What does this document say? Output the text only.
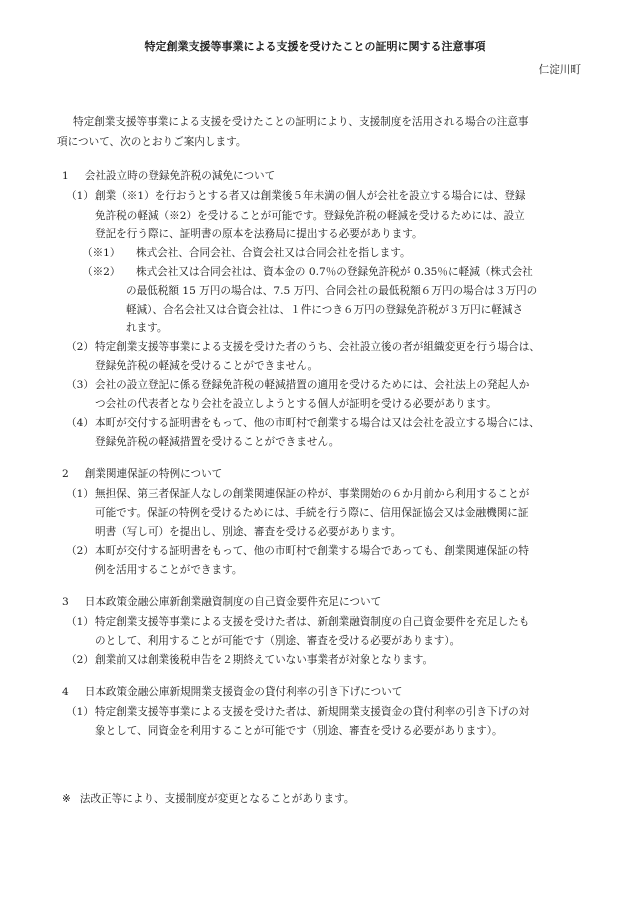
特定創業支援等事業による支援を受けたことの証明に関する注意事項
仁淀川町
特定創業支援等事業による支援を受けたことの証明により、支援制度を活用される場合の注意事
項について、次のとおりご案内します。
1 会社設立時の登録免許税の減免について
（1） 創業（※1）を行おうとする者又は創業後５年未満の個人が会社を設立する場合には、登録
免許税の軽減（※2）を受けることが可能です。登録免許税の軽減を受けるためには、設立
登記を行う際に、証明書の原本を法務局に提出する必要があります。
（※1） 株式会社、合同会社、合資会社又は合同会社を指します。
（※2） 株式会社又は合同会社は、資本金の 0.7％の登録免許税が 0.35％に軽減（株式会社
の最低税額 15 万円の場合は、7.5 万円、合同会社の最低税額６万円の場合は３万円の
軽減）、合名会社又は合資会社は、１件につき６万円の登録免許税が３万円に軽減さ
れます。
（2） 特定創業支援等事業による支援を受けた者のうち、会社設立後の者が組織変更を行う場合は、
登録免許税の軽減を受けることができません。
（3） 会社の設立登記に係る登録免許税の軽減措置の適用を受けるためには、会社法上の発起人か
つ会社の代表者となり会社を設立しようとする個人が証明を受ける必要があります。
（4） 本町が交付する証明書をもって、他の市町村で創業する場合は又は会社を設立する場合には、
登録免許税の軽減措置を受けることができません。
2 創業関連保証の特例について
（1） 無担保、第三者保証人なしの創業関連保証の枠が、事業開始の６か月前から利用することが
可能です。保証の特例を受けるためには、手続を行う際に、信用保証協会又は金融機関に証
明書（写し可）を提出し、別途、審査を受ける必要があります。
（2） 本町が交付する証明書をもって、他の市町村で創業する場合であっても、創業関連保証の特
例を活用することができます。
3 日本政策金融公庫新創業融資制度の自己資金要件充足について
（1） 特定創業支援等事業による支援を受けた者は、新創業融資制度の自己資金要件を充足したも
のとして、利用することが可能です（別途、審査を受ける必要があります）。
（2） 創業前又は創業後税申告を２期終えていない事業者が対象となります。
4 日本政策金融公庫新規開業支援資金の貸付利率の引き下げについて
（1） 特定創業支援等事業による支援を受けた者は、新規開業支援資金の貸付利率の引き下げの対
象として、同資金を利用することが可能です（別途、審査を受ける必要があります）。
※ 法改正等により、支援制度が変更となることがあります。
